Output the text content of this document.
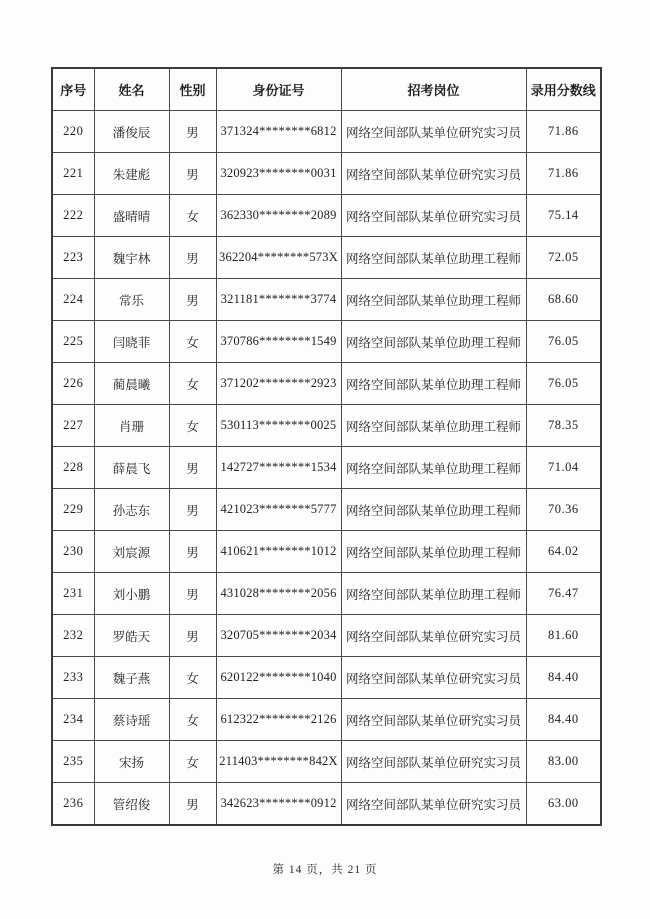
序号	姓名	性别	身份证号	招考岗位	录用分数线
220	潘俊辰	男	371324********6812	网络空间部队某单位研究实习员	71.86
221	朱建彪	男	320923********0031	网络空间部队某单位研究实习员	71.86
222	盛晴晴	女	362330********2089	网络空间部队某单位研究实习员	75.14
223	魏宇林	男	362204********573X	网络空间部队某单位助理工程师	72.05
224	常乐	男	321181********3774	网络空间部队某单位助理工程师	68.60
225	闫晓菲	女	370786********1549	网络空间部队某单位助理工程师	76.05
226	蔺晨曦	女	371202********2923	网络空间部队某单位助理工程师	76.05
227	肖珊	女	530113********0025	网络空间部队某单位助理工程师	78.35
228	薛晨飞	男	142727********1534	网络空间部队某单位助理工程师	71.04
229	孙志东	男	421023********5777	网络空间部队某单位助理工程师	70.36
230	刘宸源	男	410621********1012	网络空间部队某单位助理工程师	64.02
231	刘小鹏	男	431028********2056	网络空间部队某单位助理工程师	76.47
232	罗皓天	男	320705********2034	网络空间部队某单位研究实习员	81.60
233	魏子燕	女	620122********1040	网络空间部队某单位研究实习员	84.40
234	蔡诗瑶	女	612322********2126	网络空间部队某单位研究实习员	84.40
235	宋扬	女	211403********842X	网络空间部队某单位研究实习员	83.00
236	管绍俊	男	342623********0912	网络空间部队某单位研究实习员	63.00
第 14 页，共 21 页
